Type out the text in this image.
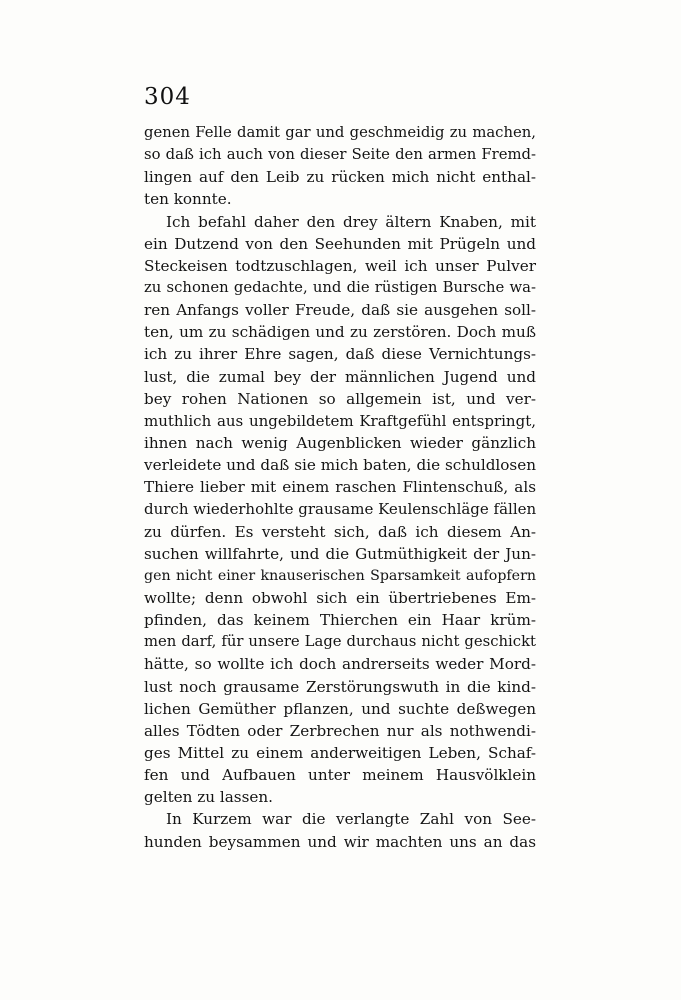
304
genen Felle damit gar und geschmeidig zu machen,
so daß ich auch von dieser Seite den armen Fremd-
lingen auf den Leib zu rücken mich nicht enthal-
ten konnte.
Ich befahl daher den drey ältern Knaben, mit
ein Dutzend von den Seehunden mit Prügeln und
Steckeisen todtzuschlagen, weil ich unser Pulver
zu schonen gedachte, und die rüstigen Bursche wa-
ren Anfangs voller Freude, daß sie ausgehen soll-
ten, um zu schädigen und zu zerstören. Doch muß
ich zu ihrer Ehre sagen, daß diese Vernichtungs-
lust, die zumal bey der männlichen Jugend und
bey rohen Nationen so allgemein ist, und ver-
muthlich aus ungebildetem Kraftgefühl entspringt,
ihnen nach wenig Augenblicken wieder gänzlich
verleidete und daß sie mich baten, die schuldlosen
Thiere lieber mit einem raschen Flintenschuß, als
durch wiederhohlte grausame Keulenschläge fällen
zu dürfen. Es versteht sich, daß ich diesem An-
suchen willfahrte, und die Gutmüthigkeit der Jun-
gen nicht einer knauserischen Sparsamkeit aufopfern
wollte; denn obwohl sich ein übertriebenes Em-
pfinden, das keinem Thierchen ein Haar krüm-
men darf, für unsere Lage durchaus nicht geschickt
hätte, so wollte ich doch andrerseits weder Mord-
lust noch grausame Zerstörungswuth in die kind-
lichen Gemüther pflanzen, und suchte deßwegen
alles Tödten oder Zerbrechen nur als nothwendi-
ges Mittel zu einem anderweitigen Leben, Schaf-
fen und Aufbauen unter meinem Hausvölklein
gelten zu lassen.
In Kurzem war die verlangte Zahl von See-
hunden beysammen und wir machten uns an das
